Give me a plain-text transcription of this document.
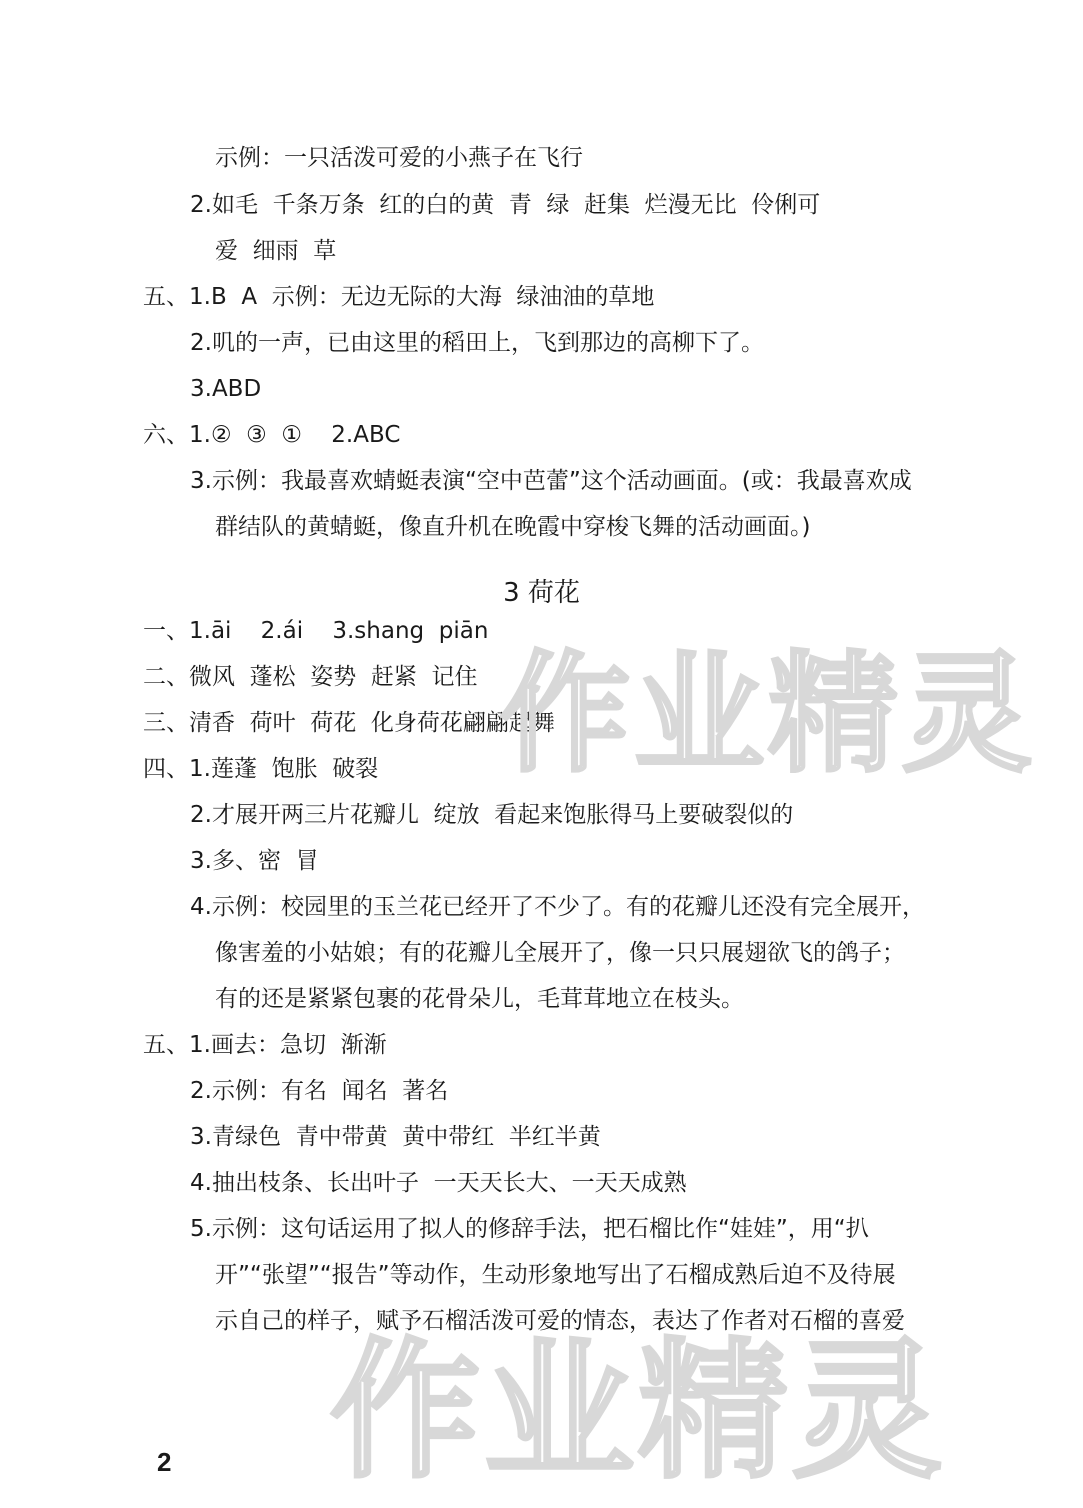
示例：一只活泼可爱的小燕子在飞行
2.如毛  千条万条  红的白的黄  青  绿  赶集  烂漫无比  伶俐可
爱  细雨  草
五、1.B  A  示例：无边无际的大海  绿油油的草地
2.叽的一声，已由这里的稻田上，飞到那边的高柳下了。
3.ABD
六、1.②  ③  ①    2.ABC
3.示例：我最喜欢蜻蜓表演“空中芭蕾”这个活动画面。(或：我最喜欢成
群结队的黄蜻蜓，像直升机在晚霞中穿梭飞舞的活动画面。)
3 荷花
一、1.āi    2.ái    3.shang  piān
二、微风  蓬松  姿势  赶紧  记住
三、清香  荷叶  荷花  化身荷花翩翩起舞
四、1.莲蓬  饱胀  破裂
2.才展开两三片花瓣儿  绽放  看起来饱胀得马上要破裂似的
3.多、密  冒
4.示例：校园里的玉兰花已经开了不少了。有的花瓣儿还没有完全展开，
像害羞的小姑娘；有的花瓣儿全展开了，像一只只展翅欲飞的鸽子；
有的还是紧紧包裹的花骨朵儿，毛茸茸地立在枝头。
五、1.画去：急切  渐渐
2.示例：有名  闻名  著名
3.青绿色  青中带黄  黄中带红  半红半黄
4.抽出枝条、长出叶子  一天天长大、一天天成熟
5.示例：这句话运用了拟人的修辞手法，把石榴比作“娃娃”，用“扒
开”“张望”“报告”等动作，生动形象地写出了石榴成熟后迫不及待展
示自己的样子，赋予石榴活泼可爱的情态，表达了作者对石榴的喜爱
作业精灵
作业精灵
2
